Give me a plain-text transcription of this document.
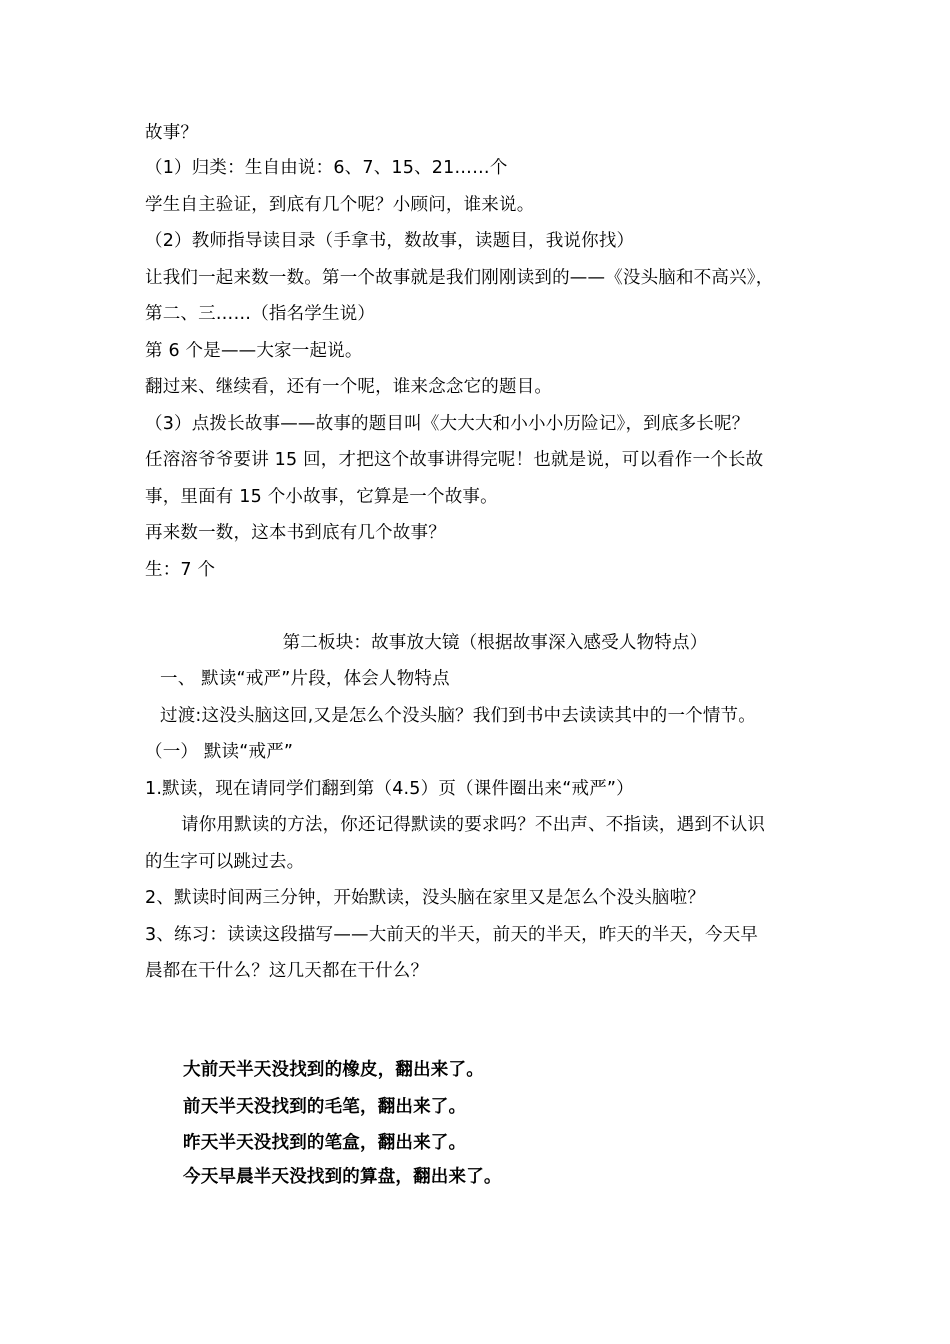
故事？
（1）归类：生自由说：6、7、15、21……个
学生自主验证，到底有几个呢？小顾问，谁来说。
（2）教师指导读目录（手拿书，数故事，读题目，我说你找）
让我们一起来数一数。第一个故事就是我们刚刚读到的——《没头脑和不高兴》，
第二、三……（指名学生说）
第 6 个是——大家一起说。
翻过来、继续看，还有一个呢，谁来念念它的题目。
（3）点拨长故事——故事的题目叫《大大大和小小小历险记》，到底多长呢？
任溶溶爷爷要讲 15 回，才把这个故事讲得完呢！也就是说，可以看作一个长故
事，里面有 15 个小故事，它算是一个故事。
再来数一数，这本书到底有几个故事？
生：7 个
第二板块：故事放大镜（根据故事深入感受人物特点）
一、 默读“戒严”片段，体会人物特点
过渡:这没头脑这回,又是怎么个没头脑？我们到书中去读读其中的一个情节。
（一） 默读“戒严”
1.默读，现在请同学们翻到第（4.5）页（课件圈出来“戒严”）
请你用默读的方法，你还记得默读的要求吗？不出声、不指读，遇到不认识
的生字可以跳过去。
2、默读时间两三分钟，开始默读，没头脑在家里又是怎么个没头脑啦？
3、练习：读读这段描写——大前天的半天，前天的半天，昨天的半天，今天早
晨都在干什么？这几天都在干什么？
大前天半天没找到的橡皮，翻出来了。
前天半天没找到的毛笔，翻出来了。
昨天半天没找到的笔盒，翻出来了。
今天早晨半天没找到的算盘，翻出来了。
